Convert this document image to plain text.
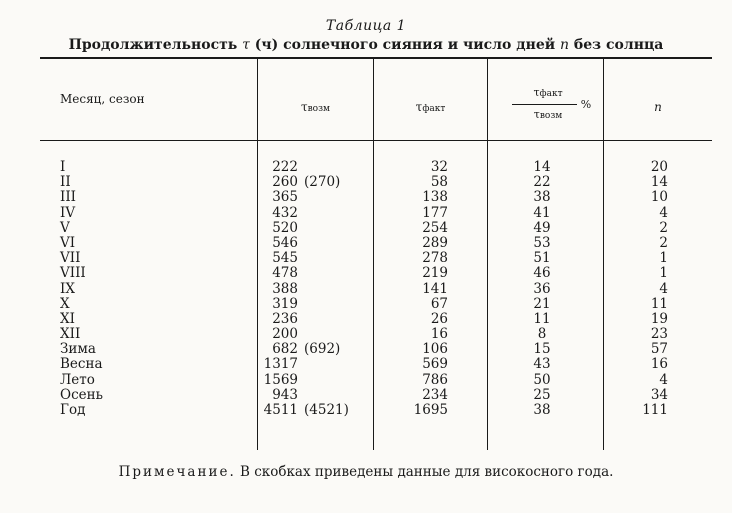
Таблица 1
Продолжительность τ (ч) солнечного сияния и число дней n без солнца
Месяц, сезон
τвозм	τфакт
τфакт
τвозм
%	n
I
II
III
IV
V
VI
VII
VIII
IX
X
XI
XII
Зима
Весна
Лето
Осень
Год
222
260
365
432
520
546
545
478
388
319
236
200
682
1317
1569
943
4511
(270)
(692)
(4521)
32
58
138
177
254
289
278
219
141
67
26
16
106
569
786
234
1695
14
22
38
41
49
53
51
46
36
21
11
8
15
43
50
25
38
20
14
10
4
2
2
1
1
4
11
19
23
57
16
4
34
111
Примечание. В скобках приведены данные для високосного года.
